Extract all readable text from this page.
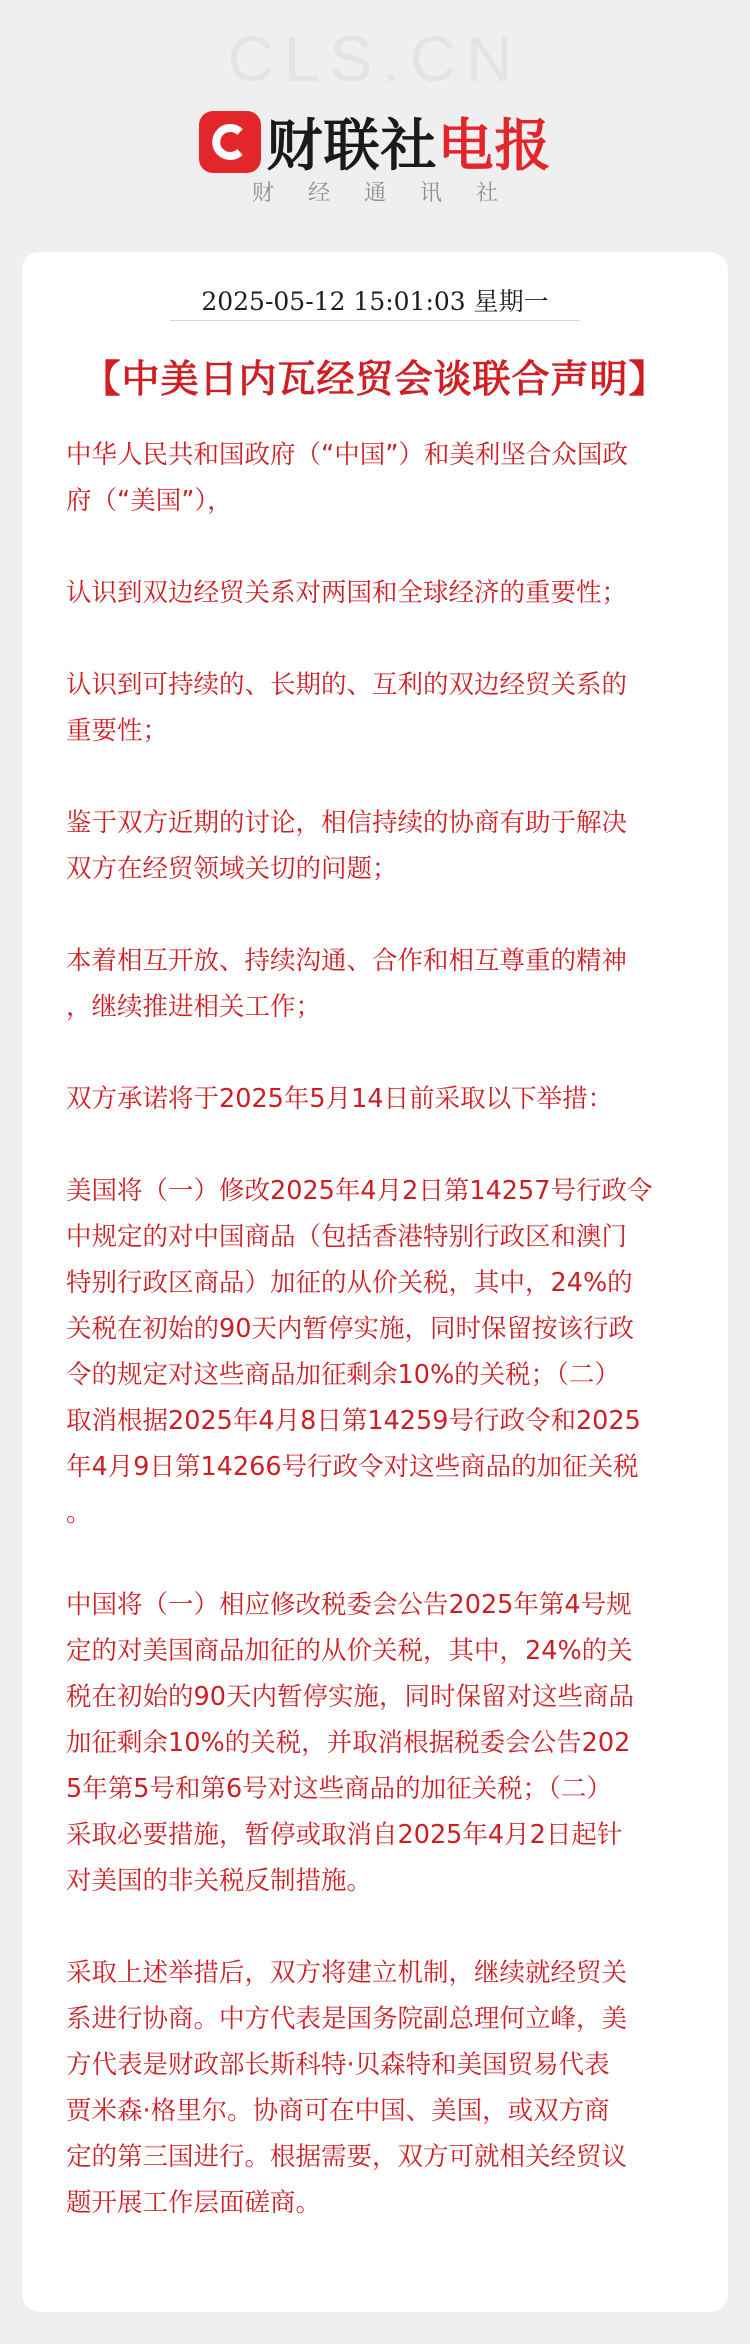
CLS.CN
财联社电报
财经通讯社
2025-05-12 15:01:03 星期一
【中美日内瓦经贸会谈联合声明】

中华人民共和国政府（“中国”）和美利坚合众国政
府（“美国”），

认识到双边经贸关系对两国和全球经济的重要性；

认识到可持续的、长期的、互利的双边经贸关系的
重要性；

鉴于双方近期的讨论，相信持续的协商有助于解决
双方在经贸领域关切的问题；

本着相互开放、持续沟通、合作和相互尊重的精神
，继续推进相关工作；

双方承诺将于2025年5月14日前采取以下举措：

美国将（一）修改2025年4月2日第14257号行政令
中规定的对中国商品（包括香港特别行政区和澳门
特别行政区商品）加征的从价关税，其中，24%的
关税在初始的90天内暂停实施，同时保留按该行政
令的规定对这些商品加征剩余10%的关税；（二）
取消根据2025年4月8日第14259号行政令和2025
年4月9日第14266号行政令对这些商品的加征关税
。

中国将（一）相应修改税委会公告2025年第4号规
定的对美国商品加征的从价关税，其中，24%的关
税在初始的90天内暂停实施，同时保留对这些商品
加征剩余10%的关税，并取消根据税委会公告202
5年第5号和第6号对这些商品的加征关税；（二）
采取必要措施，暂停或取消自2025年4月2日起针
对美国的非关税反制措施。

采取上述举措后，双方将建立机制，继续就经贸关
系进行协商。中方代表是国务院副总理何立峰，美
方代表是财政部长斯科特·贝森特和美国贸易代表
贾米森·格里尔。协商可在中国、美国，或双方商
定的第三国进行。根据需要，双方可就相关经贸议
题开展工作层面磋商。
